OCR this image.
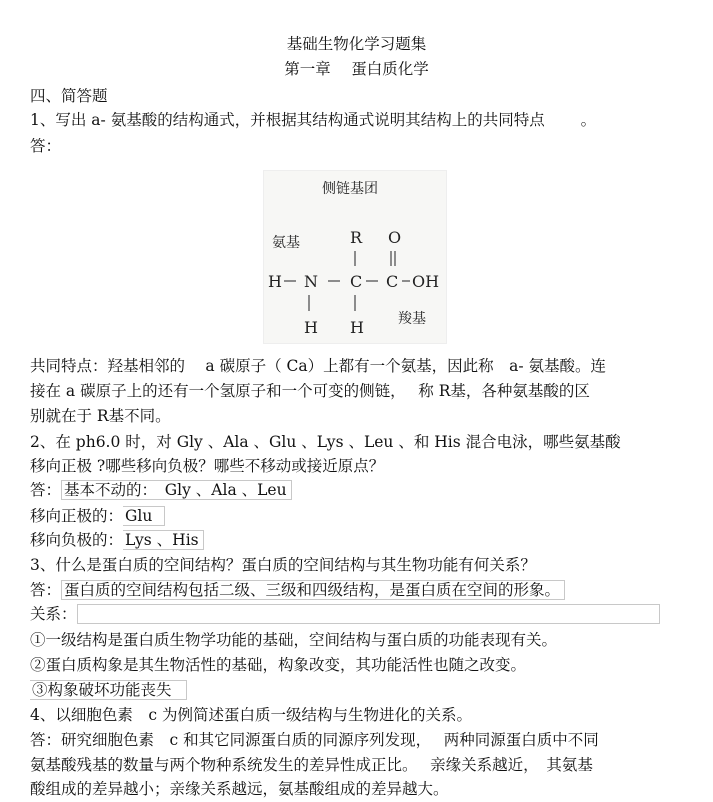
基础生物化学习题集
第一章　 蛋白质化学
四、简答题
1、写出 a- 氨基酸的结构通式，并根据其结构通式说明其结构上的共同特点　　 。
答：
侧链基团
氨基	R O
H N C C OH
H H 羧基
共同特点：羟基相邻的　 a 碳原子（ Ca）上都有一个氨基，因此称　a- 氨基酸。连
接在 a 碳原子上的还有一个氢原子和一个可变的侧链，　 称 R基，各种氨基酸的区
别就在于 R基不同。
2、在 ph6.0 时，对 Gly 、Ala 、Glu 、Lys 、Leu 、和 His 混合电泳，哪些氨基酸
移向正极 ?哪些移向负极？哪些不移动或接近原点？
答： 基本不动的：　Gly 、Ala 、Leu
移向正极的： Glu
移向负极的： Lys 、His
3、什么是蛋白质的空间结构？蛋白质的空间结构与其生物功能有何关系？
答： 蛋白质的空间结构包括二级、三级和四级结构，是蛋白质在空间的形象。
关系：
①一级结构是蛋白质生物学功能的基础，空间结构与蛋白质的功能表现有关。
②蛋白质构象是其生物活性的基础，构象改变，其功能活性也随之改变。
③构象破坏功能丧失
4、以细胞色素　c 为例简述蛋白质一级结构与生物进化的关系。
答：研究细胞色素　c 和其它同源蛋白质的同源序列发现，　 两种同源蛋白质中不同
氨基酸残基的数量与两个物种系统发生的差异性成正比。　 亲缘关系越近，　其氨基
酸组成的差异越小；亲缘关系越远，氨基酸组成的差异越大。
